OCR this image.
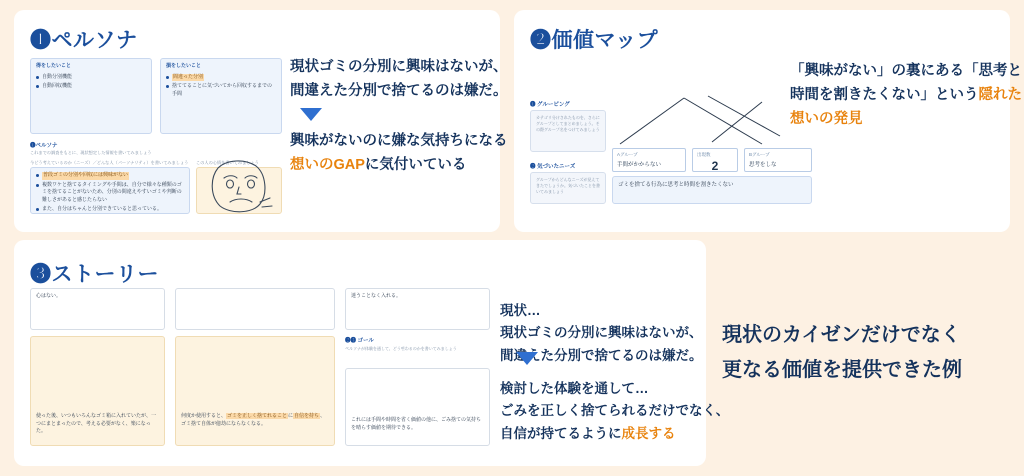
❶ペルソナ
得をしたいこと
自動分別機能
自動回収機能
損をしたいこと
間違った分別
捨ててることに気づいてから回収するまでの手間
❶ペルソナ
これまでの調査をもとに、現状想定した情報を書いてみましょう
今どう考えているのか（ニーズ）／どんな人（パーソナリティ）を書いてみましょう この人の心情を書いてみましょう
普段ゴミの分別や回収には興味がない
複数ワケと捨てるタイミングや手間は、自分で様々な種類のゴミを捨てることがないため、分別の間違えやすいゴミや判断の難しさがあると感じたらない
また、自分はちゃんと分別できていると思っている。
現状ゴミの分別に興味はないが、
間違えた分別で捨てるのは嫌だ。
興味がないのに嫌な気持ちになる
想いのGAPに気付いている
❷価値マップ
❶ グルーピング
カテゴリ分けされたものを、さらにグループとしてまとめましょう。その際グループ名をつけてみましょう
❷ 気づいたニーズ
グループからどんなニーズが見えてきたでしょうか。気づいたことを書いてみましょう
Aグループ
手間がかからない
出現数
2
Bグループ
思考をしな
ゴミを捨てる行為に思考と時間を割きたくない
「興味がない」の裏にある「思考と
時間を割きたくない」という隠れた
想いの発見
❸ストーリー
心はない。	迷うことなく入れる。
❷❸ ゴール
ペルソナが体験を通して、どう변わるのかを書いてみましょう
使った後、いつもいろんなゴミ箱に入れていたが、一つにまとまったので、考える必要がなく、楽になった。
何度か使用すると、ゴミを正しく捨てれることに自信を持ち、ゴミ捨て自体が億劫にならなくなる。
これには手間や時間を省く価値の他に、ごみ捨ての気持ちを晴らす価値を期待できる。
現状…
現状ゴミの分別に興味はないが、
間違えた分別で捨てるのは嫌だ。
検討した体験を通して…
ごみを正しく捨てられるだけでなく、
自信が持てるように成長する
現状のカイゼンだけでなく
更なる価値を提供できた例
